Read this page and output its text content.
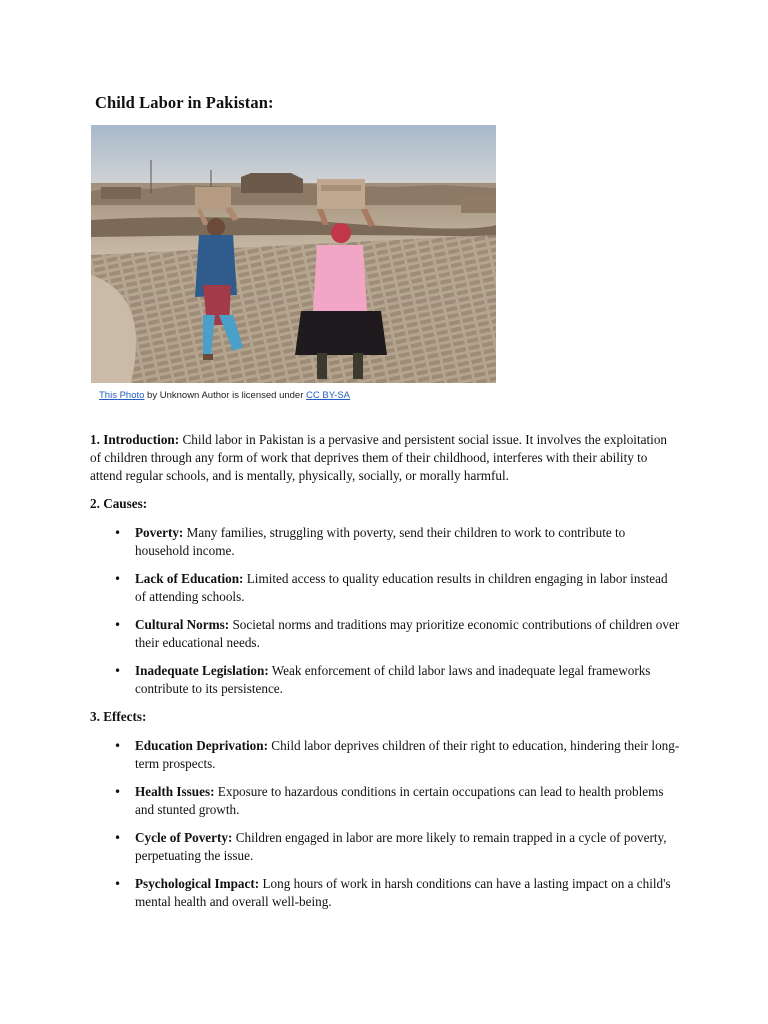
Child Labor in Pakistan:

This Photo by Unknown Author is licensed under CC BY-SA

1. Introduction: Child labor in Pakistan is a pervasive and persistent social issue. It involves the exploitation of children through any form of work that deprives them of their childhood, interferes with their ability to attend regular schools, and is mentally, physically, socially, or morally harmful.

2. Causes:

• Poverty: Many families, struggling with poverty, send their children to work to contribute to household income.
• Lack of Education: Limited access to quality education results in children engaging in labor instead of attending schools.
• Cultural Norms: Societal norms and traditions may prioritize economic contributions of children over their educational needs.
• Inadequate Legislation: Weak enforcement of child labor laws and inadequate legal frameworks contribute to its persistence.

3. Effects:

• Education Deprivation: Child labor deprives children of their right to education, hindering their long-term prospects.
• Health Issues: Exposure to hazardous conditions in certain occupations can lead to health problems and stunted growth.
• Cycle of Poverty: Children engaged in labor are more likely to remain trapped in a cycle of poverty, perpetuating the issue.
• Psychological Impact: Long hours of work in harsh conditions can have a lasting impact on a child's mental health and overall well-being.
